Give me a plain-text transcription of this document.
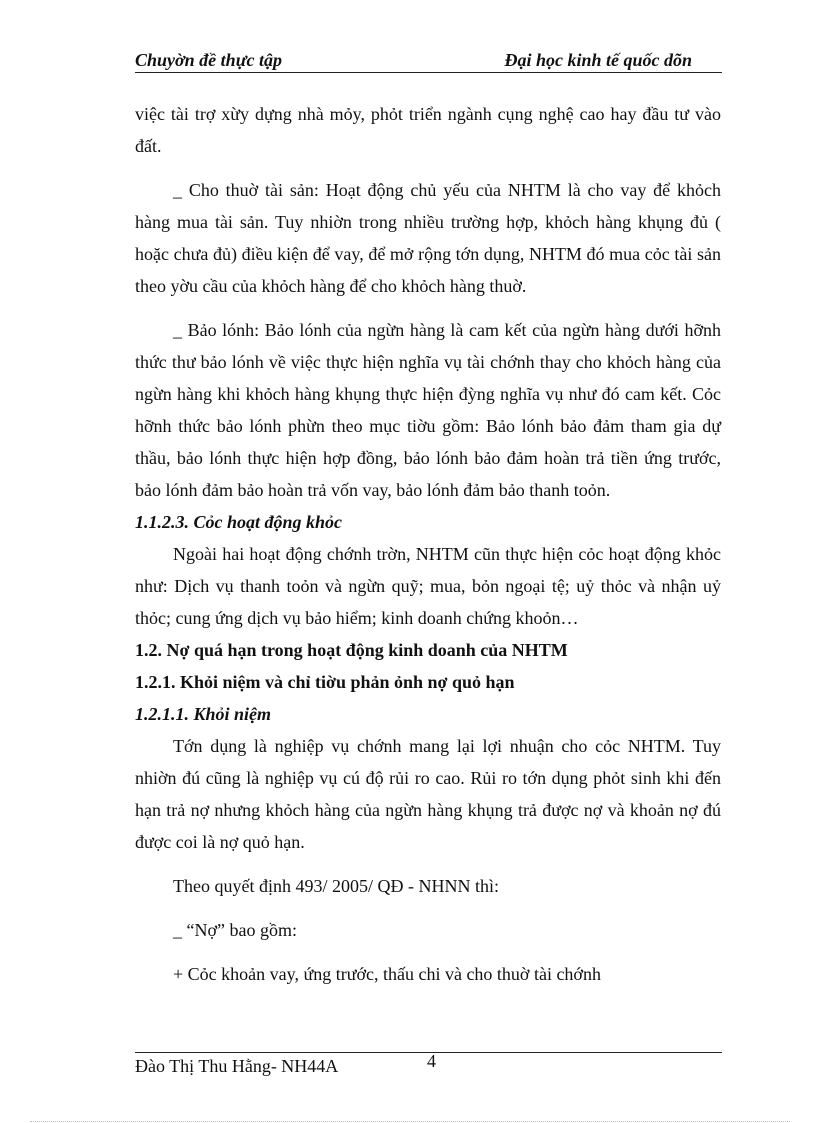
Chuyờn đề thực tập	Đại học kinh tế quốc dõn

việc tài trợ xừy dựng nhà mỏy, phỏt triển ngành cụng nghệ cao hay đầu tư vào đất.

_ Cho thuờ tài sản: Hoạt động chủ yếu của NHTM là cho vay để khỏch hàng mua tài sản. Tuy nhiờn trong nhiều trường hợp, khỏch hàng khụng đủ ( hoặc chưa đủ) điều kiện để vay, để mở rộng tớn dụng, NHTM đó mua cỏc tài sản theo yờu cầu của khỏch hàng để cho khỏch hàng thuờ.

_ Bảo lónh: Bảo lónh của ngừn hàng là cam kết của ngừn hàng dưới hỡnh thức thư bảo lónh về việc thực hiện nghĩa vụ tài chớnh thay cho khỏch hàng của ngừn hàng khi khỏch hàng khụng thực hiện đỳng nghĩa vụ như đó cam kết. Cỏc hỡnh thức bảo lónh phừn theo mục tiờu gồm: Bảo lónh bảo đảm tham gia dự thầu, bảo lónh thực hiện hợp đồng, bảo lónh bảo đảm hoàn trả tiền ứng trước, bảo lónh đảm bảo hoàn trả vốn vay, bảo lónh đảm bảo thanh toỏn.

1.1.2.3. Cỏc hoạt động khỏc

Ngoài hai hoạt động chớnh trờn, NHTM cũn thực hiện cỏc hoạt động khỏc như: Dịch vụ thanh toỏn và ngừn quỹ; mua, bỏn ngoại tệ; uỷ thỏc và nhận uỷ thỏc; cung ứng dịch vụ bảo hiểm; kinh doanh chứng khoỏn…

1.2. Nợ quá hạn trong hoạt động kinh doanh của NHTM

1.2.1. Khỏi niệm và chỉ tiờu phản ỏnh nợ quỏ hạn

1.2.1.1. Khỏi niệm

Tớn dụng là nghiệp vụ chớnh mang lại lợi nhuận cho cỏc NHTM. Tuy nhiờn đú cũng là nghiệp vụ cú độ rủi ro cao. Rủi ro tớn dụng phỏt sinh khi đến hạn trả nợ nhưng khỏch hàng của ngừn hàng khụng trả được nợ và khoản nợ đú được coi là nợ quỏ hạn.

Theo quyết định 493/ 2005/ QĐ - NHNN thì:

_ “Nợ” bao gồm:

+ Cỏc khoản vay, ứng trước, thấu chi và cho thuờ tài chớnh

Đào Thị Thu Hằng- NH44A	4
